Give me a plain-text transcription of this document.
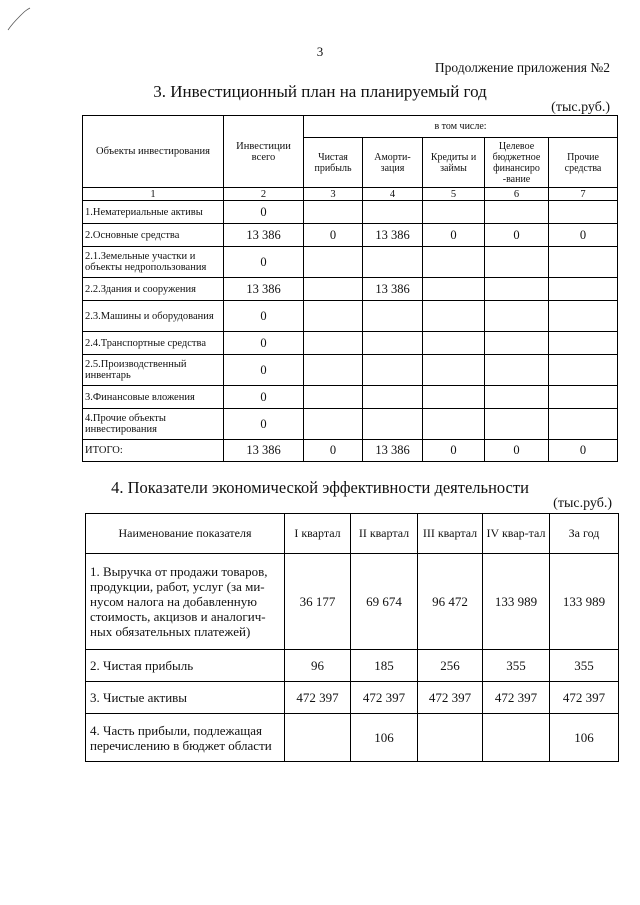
3
Продолжение приложения №2
3. Инвестиционный план на планируемый год
(тыс.руб.)
Объекты инвестирования	Инвестиции всего	в том числе:				
		Чистая прибыль	Аморти-зация	Кредиты и займы	Целевое бюджетное финансиро -вание	Прочие средства
1	2	3	4	5	6	7
1.Нематериальные активы	0					
2.Основные средства	13 386	0	13 386	0	0	0
2.1.Земельные участки и объекты недропользования	0					
2.2.Здания и сооружения	13 386		13 386			
2.3.Машины и оборудования	0					
2.4.Транспортные средства	0					
2.5.Производственный инвентарь	0					
3.Финансовые вложения	0					
4.Прочие объекты инвестирования	0					
ИТОГО:	13 386	0	13 386	0	0	0
4. Показатели экономической эффективности деятельности
(тыс.руб.)
Наименование показателя	I квартал	II квартал	III квартал	IV квар-тал	За год
1. Выручка от продажи товаров, продукции, работ, услуг (за ми-нусом налога на добавленную стоимость, акцизов и аналогич-ных обязательных платежей)	36 177	69 674	96 472	133 989	133 989
2. Чистая прибыль	96	185	256	355	355
3. Чистые активы	472 397	472 397	472 397	472 397	472 397
4. Часть прибыли, подлежащая перечислению в бюджет области		106			106
